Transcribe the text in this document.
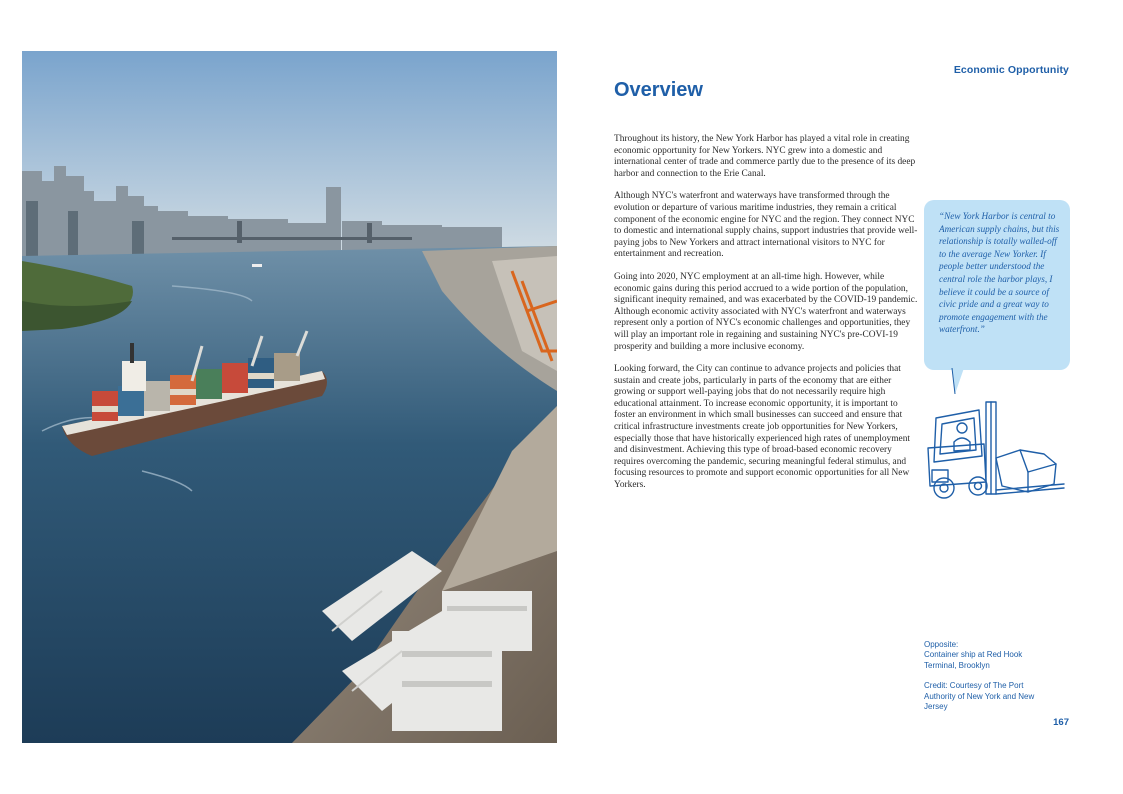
Economic Opportunity
Overview

Throughout its history, the New York Harbor has played a vital role in creating economic opportunity for New Yorkers. NYC grew into a domestic and international center of trade and commerce partly due to the presence of its deep harbor and connection to the Erie Canal.

Although NYC's waterfront and waterways have transformed through the evolution or departure of various maritime industries, they remain a critical component of the economic engine for NYC and the region. They connect NYC to domestic and international supply chains, support industries that provide well-paying jobs to New Yorkers and attract international visitors to NYC for entertainment and recreation.

Going into 2020, NYC employment at an all-time high. However, while economic gains during this period accrued to a wide portion of the population, significant inequity remained, and was exacerbated by the COVID-19 pandemic. Although economic activity associated with NYC's waterfront and waterways represent only a portion of NYC's economic challenges and opportunities, they will play an important role in regaining and sustaining NYC's pre-COVI-19 prosperity and building a more inclusive economy.

Looking forward, the City can continue to advance projects and policies that sustain and create jobs, particularly in parts of the economy that are either growing or support well-paying jobs that do not necessarily require high educational attainment. To increase economic opportunity, it is important to foster an environment in which small businesses can succeed and ensure that critical infrastructure investments create job opportunities for New Yorkers, especially those that have historically experienced high rates of unemployment and disinvestment. Achieving this type of broad-based economic recovery requires overcoming the pandemic, securing meaningful federal stimulus, and focusing resources to promote and support economic opportunities for all New Yorkers.

“New York Harbor is central to American supply chains, but this relationship is totally walled-off to the average New Yorker. If people better understood the central role the harbor plays, I believe it could be a source of civic pride and a great way to promote engagement with the waterfront.”
Opposite:
Container ship at Red Hook Terminal, Brooklyn
Credit: Courtesy of The Port Authority of New York and New Jersey
167
